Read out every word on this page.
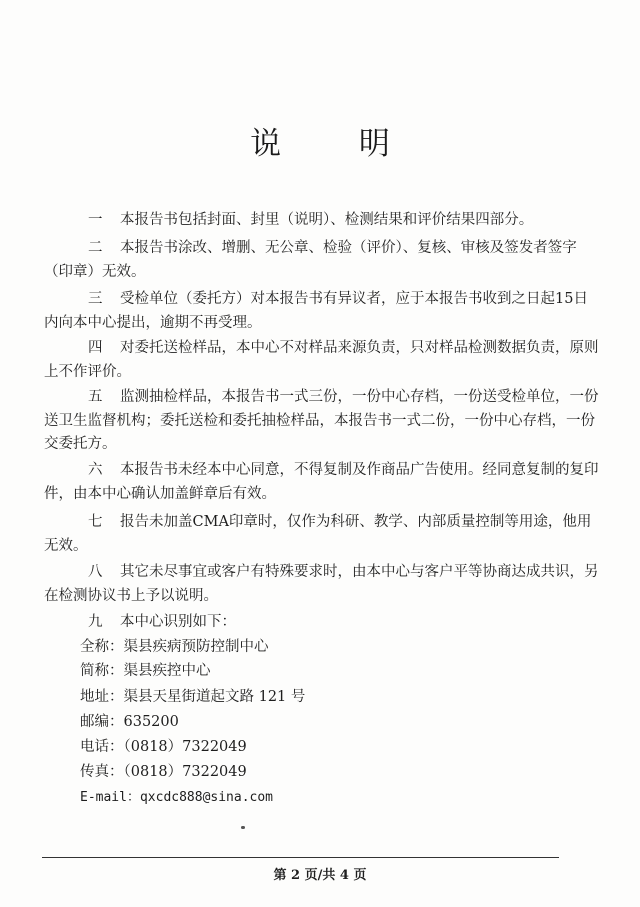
说 明

一 本报告书包括封面、封里（说明）、检测结果和评价结果四部分。

二 本报告书涂改、增删、无公章、检验（评价）、复核、审核及签发者签字（印章）无效。

三 受检单位（委托方）对本报告书有异议者，应于本报告书收到之日起15日内向本中心提出，逾期不再受理。

四 对委托送检样品，本中心不对样品来源负责，只对样品检测数据负责，原则上不作评价。

五 监测抽检样品，本报告书一式三份，一份中心存档，一份送受检单位，一份送卫生监督机构；委托送检和委托抽检样品，本报告书一式二份，一份中心存档，一份交委托方。

六 本报告书未经本中心同意，不得复制及作商品广告使用。经同意复制的复印件，由本中心确认加盖鲜章后有效。

七 报告未加盖CMA印章时，仅作为科研、教学、内部质量控制等用途，他用无效。

八 其它未尽事宜或客户有特殊要求时，由本中心与客户平等协商达成共识，另在检测协议书上予以说明。

九 本中心识别如下：

全称：渠县疾病预防控制中心
简称：渠县疾控中心
地址：渠县天星街道起文路 121 号
邮编：635200
电话：（0818）7322049
传真：（0818）7322049
E-mail：qxcdc888@sina.com
第 2 页/共 4 页
